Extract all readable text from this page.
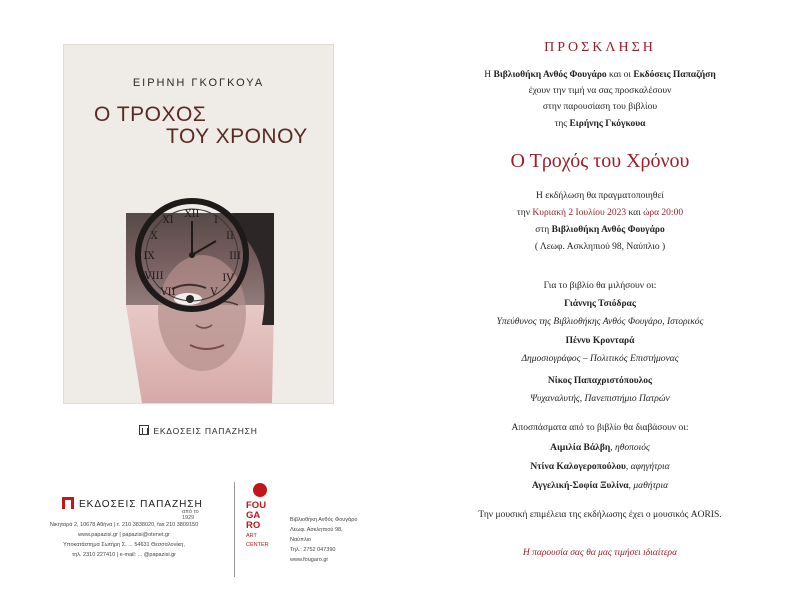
ΕΙΡΗΝΗ ΓΚΟΓΚΟΥΑ
Ο ΤΡΟΧΟΣ
ΤΟΥ ΧΡΟΝΟΥ
XII
I
II
III
IV
V
VII
VIII
IX
X
XI
ΕΚΔΟΣΕΙΣ ΠΑΠΑΖΗΣΗ
ΕΚΔΟΣΕΙΣ ΠΑΠΑΖΗΣΗ
από το 1929
Νικηταρά 2, 10678 Αθήνα | τ. 210 3838020, fax 210 3809150
www.papazisi.gr | papazisi@otenet.gr
Υποκατάστημα Σωτήρη Σ. ... 54631 Θεσσαλονίκη,
τηλ. 2310 227410 | e-mail: ... @papazisi.gr
FOU
GA
RO
ART
CENTER
Βιβλιοθήκη Ανθός Φουγάρο
Λεωφ. Ασκληπιού 98,
Ναύπλιο
Τηλ.: 2752 047390
www.fougaro.gr

ΠΡΟΣΚΛΗΣΗ

Η Βιβλιοθήκη Ανθός Φουγάρο και οι Εκδόσεις Παπαζήση

έχουν την τιμή να σας προσκαλέσουν

στην παρουσίαση του βιβλίου

της Ειρήνης Γκόγκουα

Ο Τροχός του Χρόνου

Η εκδήλωση θα πραγματοποιηθεί

την Κυριακή 2 Ιουλίου 2023 και ώρα 20:00

στη Βιβλιοθήκη Ανθός Φουγάρο

( Λεωφ. Ασκληπιού 98, Ναύπλιο )

Για το βιβλίο θα μιλήσουν οι:

Γιάννης Τσιόδρας

Υπεύθυνος της Βιβλιοθήκης Ανθός Φουγάρο, Ιστορικός

Πέννυ Κρονταρά

Δημοσιογράφος – Πολιτικός Επιστήμονας

Νίκος Παπαχριστόπουλος

Ψυχαναλυτής, Πανεπιστήμιο Πατρών

Αποσπάσματα από το βιβλίο θα διαβάσουν οι:

Αιμιλία Βάλβη, ηθοποιός

Ντίνα Καλογεροπούλου, αφηγήτρια

Αγγελική-Σοφία Ξυλίνα, μαθήτρια

Την μουσική επιμέλεια της εκδήλωσης έχει ο μουσικός AORIS.

Η παρουσία σας θα μας τιμήσει ιδιαίτερα
